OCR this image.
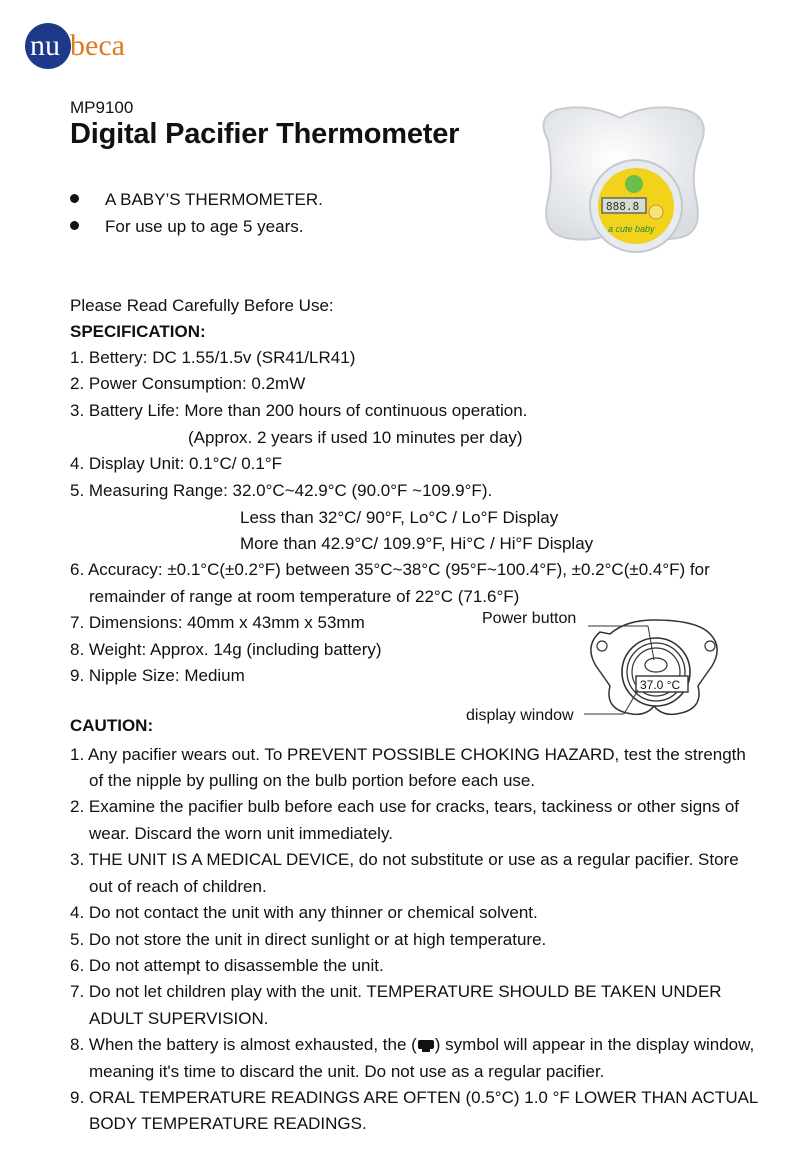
nu beca
MP9100
Digital Pacifier Thermometer
A BABY’S THERMOMETER.
For use up to age 5 years.
888.8
a cute baby
Please Read Carefully Before Use:
SPECIFICATION:
1. Bettery: DC 1.55/1.5v (SR41/LR41)
2. Power Consumption: 0.2mW
3. Battery Life: More than 200 hours of continuous operation.
(Approx. 2 years if used 10 minutes per day)
4. Display Unit: 0.1°C/ 0.1°F
5. Measuring Range: 32.0°C~42.9°C (90.0°F ~109.9°F).
Less than 32°C/ 90°F, Lo°C / Lo°F Display
More than 42.9°C/ 109.9°F, Hi°C / Hi°F Display
6. Accuracy: ±0.1°C(±0.2°F) between 35°C~38°C (95°F~100.4°F), ±0.2°C(±0.4°F) for
remainder of range at room temperature of 22°C (71.6°F)
7. Dimensions: 40mm x 43mm x 53mm
8. Weight: Approx. 14g (including battery)
9. Nipple Size: Medium
Power button
display window
37.0 °C
CAUTION:
1. Any pacifier wears out. To PREVENT POSSIBLE CHOKING HAZARD, test the strength
of the nipple by pulling on the bulb portion before each use.
2. Examine the pacifier bulb before each use for cracks, tears, tackiness or other signs of
wear. Discard the worn unit immediately.
3. THE UNIT IS A MEDICAL DEVICE, do not substitute or use as a regular pacifier. Store
out of reach of children.
4. Do not contact the unit with any thinner or chemical solvent.
5. Do not store the unit in direct sunlight or at high temperature.
6. Do not attempt to disassemble the unit.
7. Do not let children play with the unit. TEMPERATURE SHOULD BE TAKEN UNDER
ADULT SUPERVISION.
8. When the battery is almost exhausted, the ( ) symbol will appear in the display window,
meaning it's time to discard the unit. Do not use as a regular pacifier.
9. ORAL TEMPERATURE READINGS ARE OFTEN (0.5°C) 1.0 °F LOWER THAN ACTUAL
BODY TEMPERATURE READINGS.
